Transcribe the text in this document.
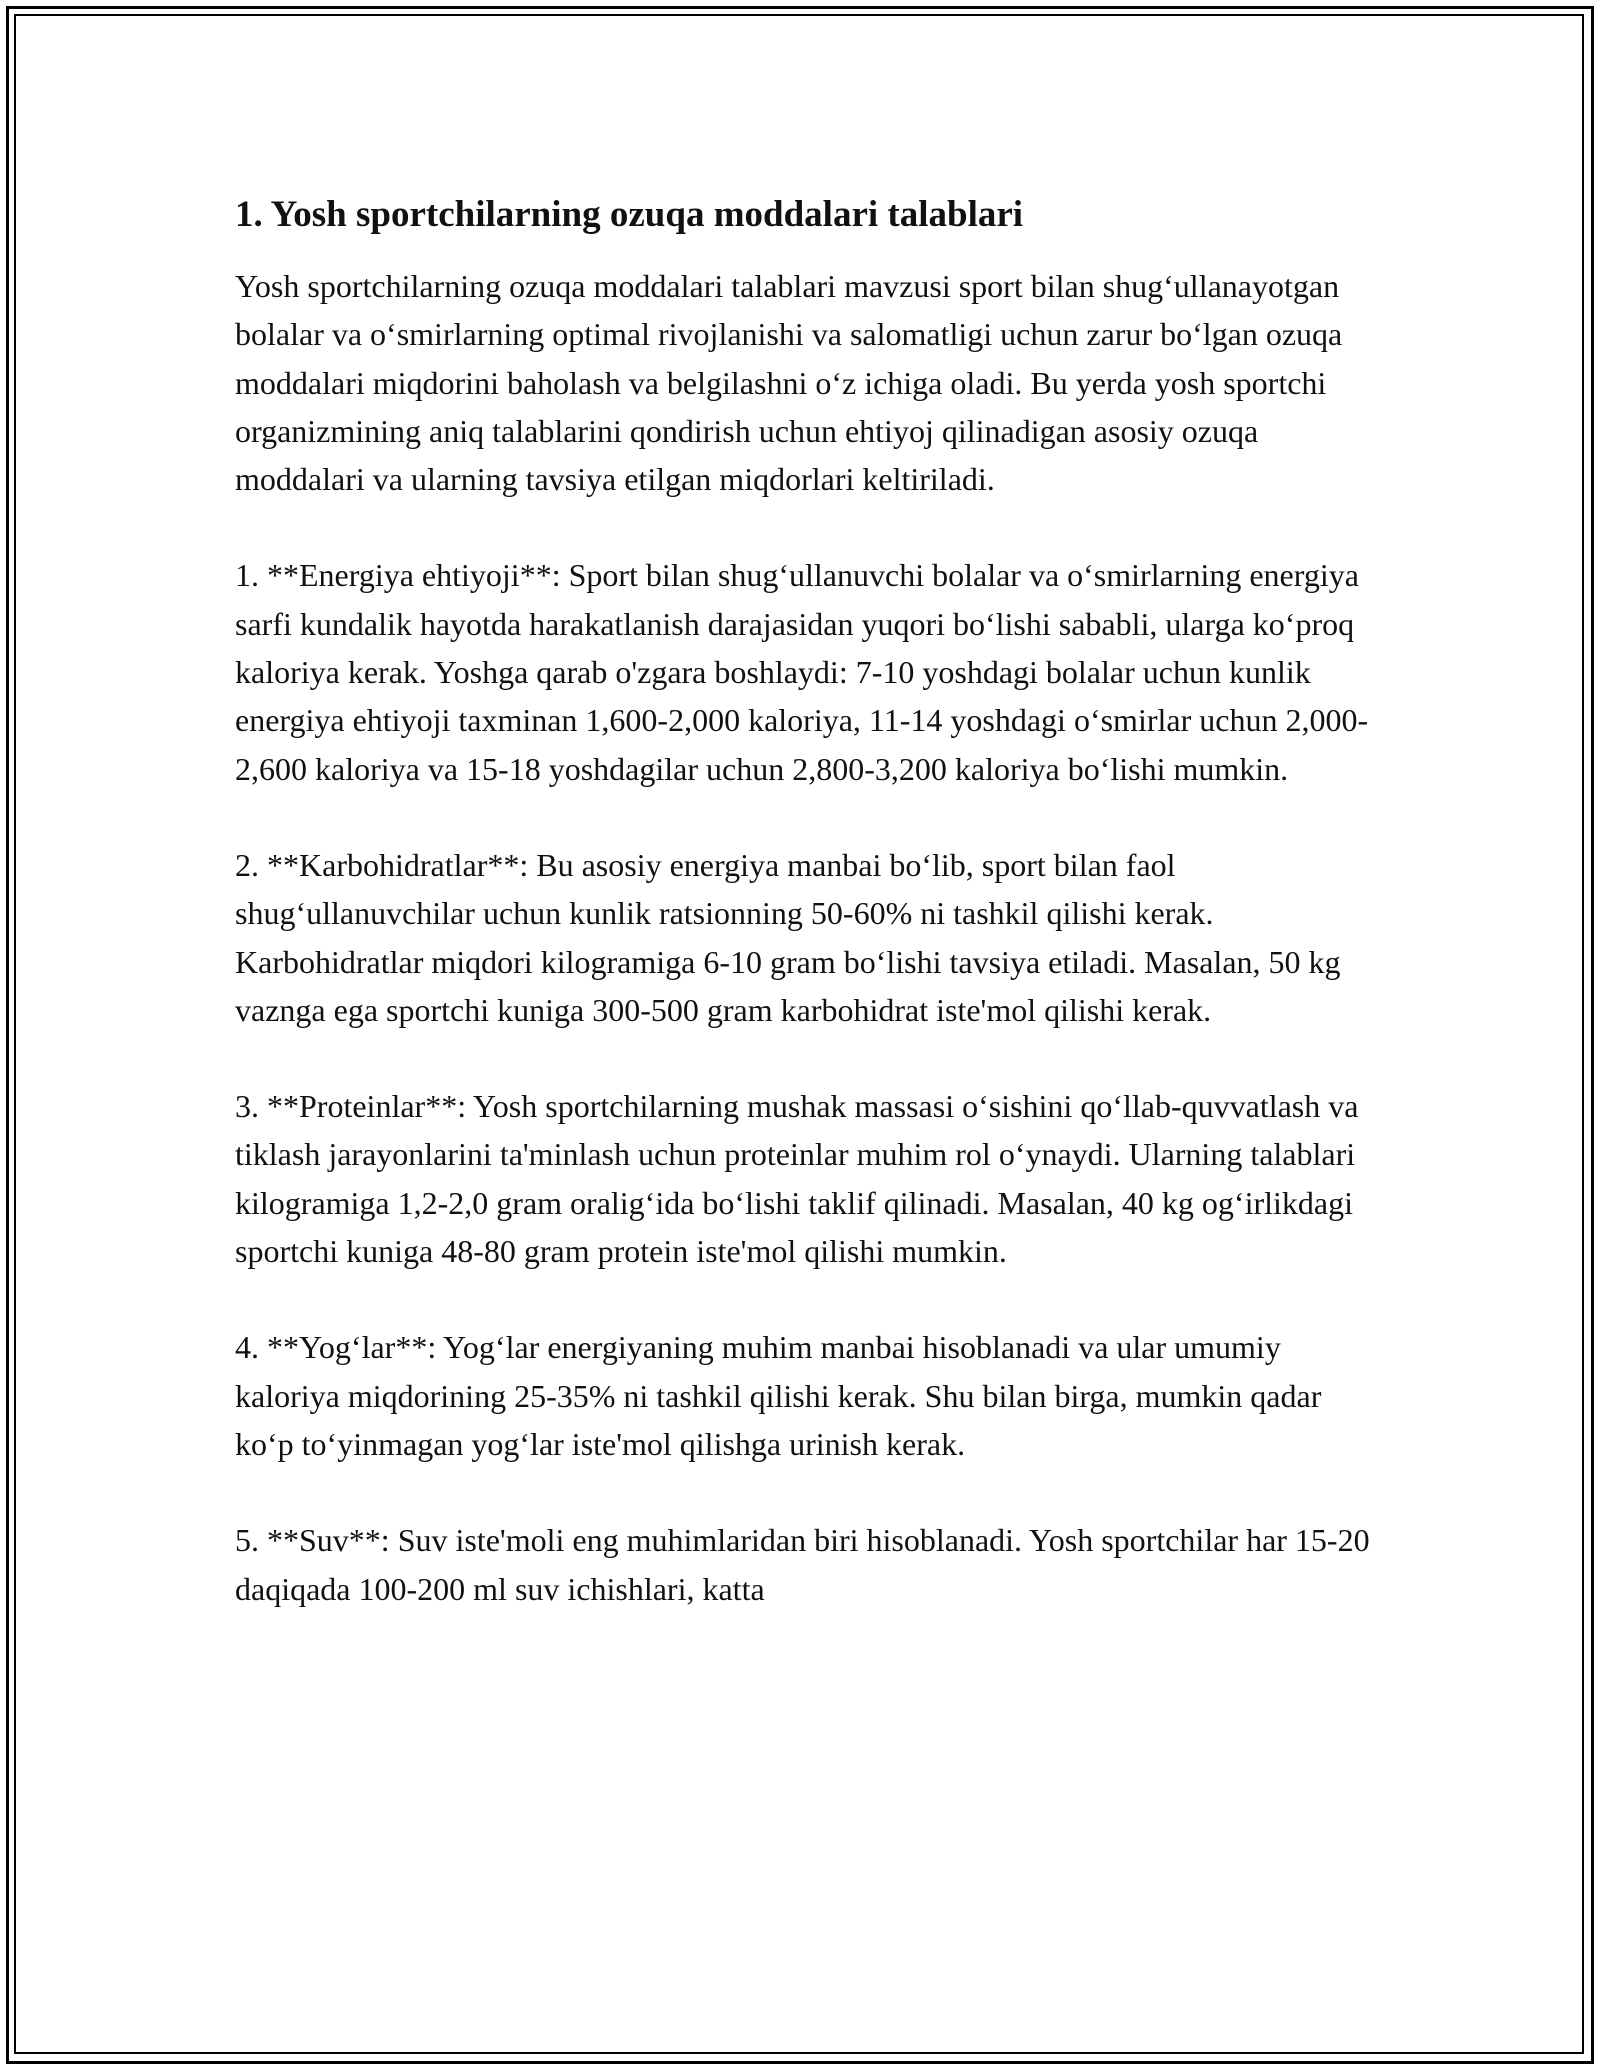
1. Yosh sportchilarning ozuqa moddalari talablari

Yosh sportchilarning ozuqa moddalari talablari mavzusi sport bilan shug‘ullanayotgan bolalar va o‘smirlarning optimal rivojlanishi va salomatligi uchun zarur bo‘lgan ozuqa moddalari miqdorini baholash va belgilashni o‘z ichiga oladi. Bu yerda yosh sportchi organizmining aniq talablarini qondirish uchun ehtiyoj qilinadigan asosiy ozuqa moddalari va ularning tavsiya etilgan miqdorlari keltiriladi.

1. **Energiya ehtiyoji**: Sport bilan shug‘ullanuvchi bolalar va o‘smirlarning energiya sarfi kundalik hayotda harakatlanish darajasidan yuqori bo‘lishi sababli, ularga ko‘proq kaloriya kerak. Yoshga qarab o'zgara boshlaydi: 7-10 yoshdagi bolalar uchun kunlik energiya ehtiyoji taxminan 1,600-2,000 kaloriya, 11-14 yoshdagi o‘smirlar uchun 2,000-2,600 kaloriya va 15-18 yoshdagilar uchun 2,800-3,200 kaloriya bo‘lishi mumkin.

2. **Karbohidratlar**: Bu asosiy energiya manbai bo‘lib, sport bilan faol shug‘ullanuvchilar uchun kunlik ratsionning 50-60% ni tashkil qilishi kerak. Karbohidratlar miqdori kilogramiga 6-10 gram bo‘lishi tavsiya etiladi. Masalan, 50 kg vaznga ega sportchi kuniga 300-500 gram karbohidrat iste'mol qilishi kerak.

3. **Proteinlar**: Yosh sportchilarning mushak massasi o‘sishini qo‘llab-quvvatlash va tiklash jarayonlarini ta'minlash uchun proteinlar muhim rol o‘ynaydi. Ularning talablari kilogramiga 1,2-2,0 gram oralig‘ida bo‘lishi taklif qilinadi. Masalan, 40 kg og‘irlikdagi sportchi kuniga 48-80 gram protein iste'mol qilishi mumkin.

4. **Yog‘lar**: Yog‘lar energiyaning muhim manbai hisoblanadi va ular umumiy kaloriya miqdorining 25-35% ni tashkil qilishi kerak. Shu bilan birga, mumkin qadar ko‘p to‘yinmagan yog‘lar iste'mol qilishga urinish kerak.

5. **Suv**: Suv iste'moli eng muhimlaridan biri hisoblanadi. Yosh sportchilar har 15-20 daqiqada 100-200 ml suv ichishlari, katta
